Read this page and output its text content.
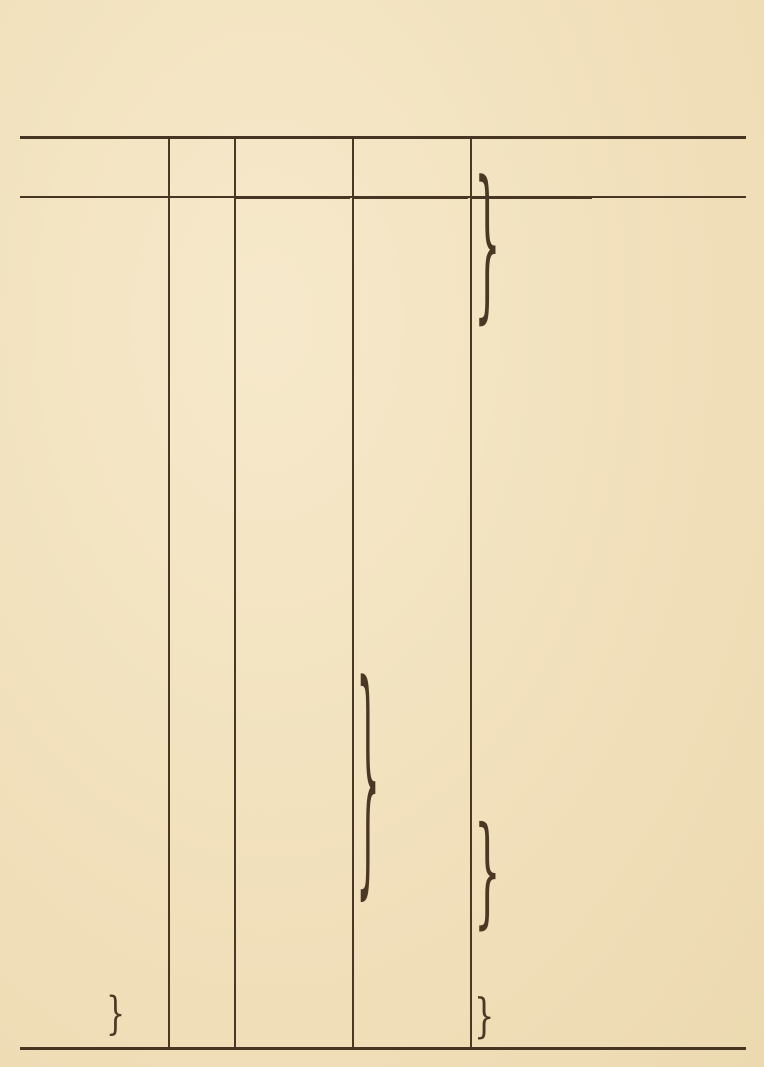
}
} }
}
}
